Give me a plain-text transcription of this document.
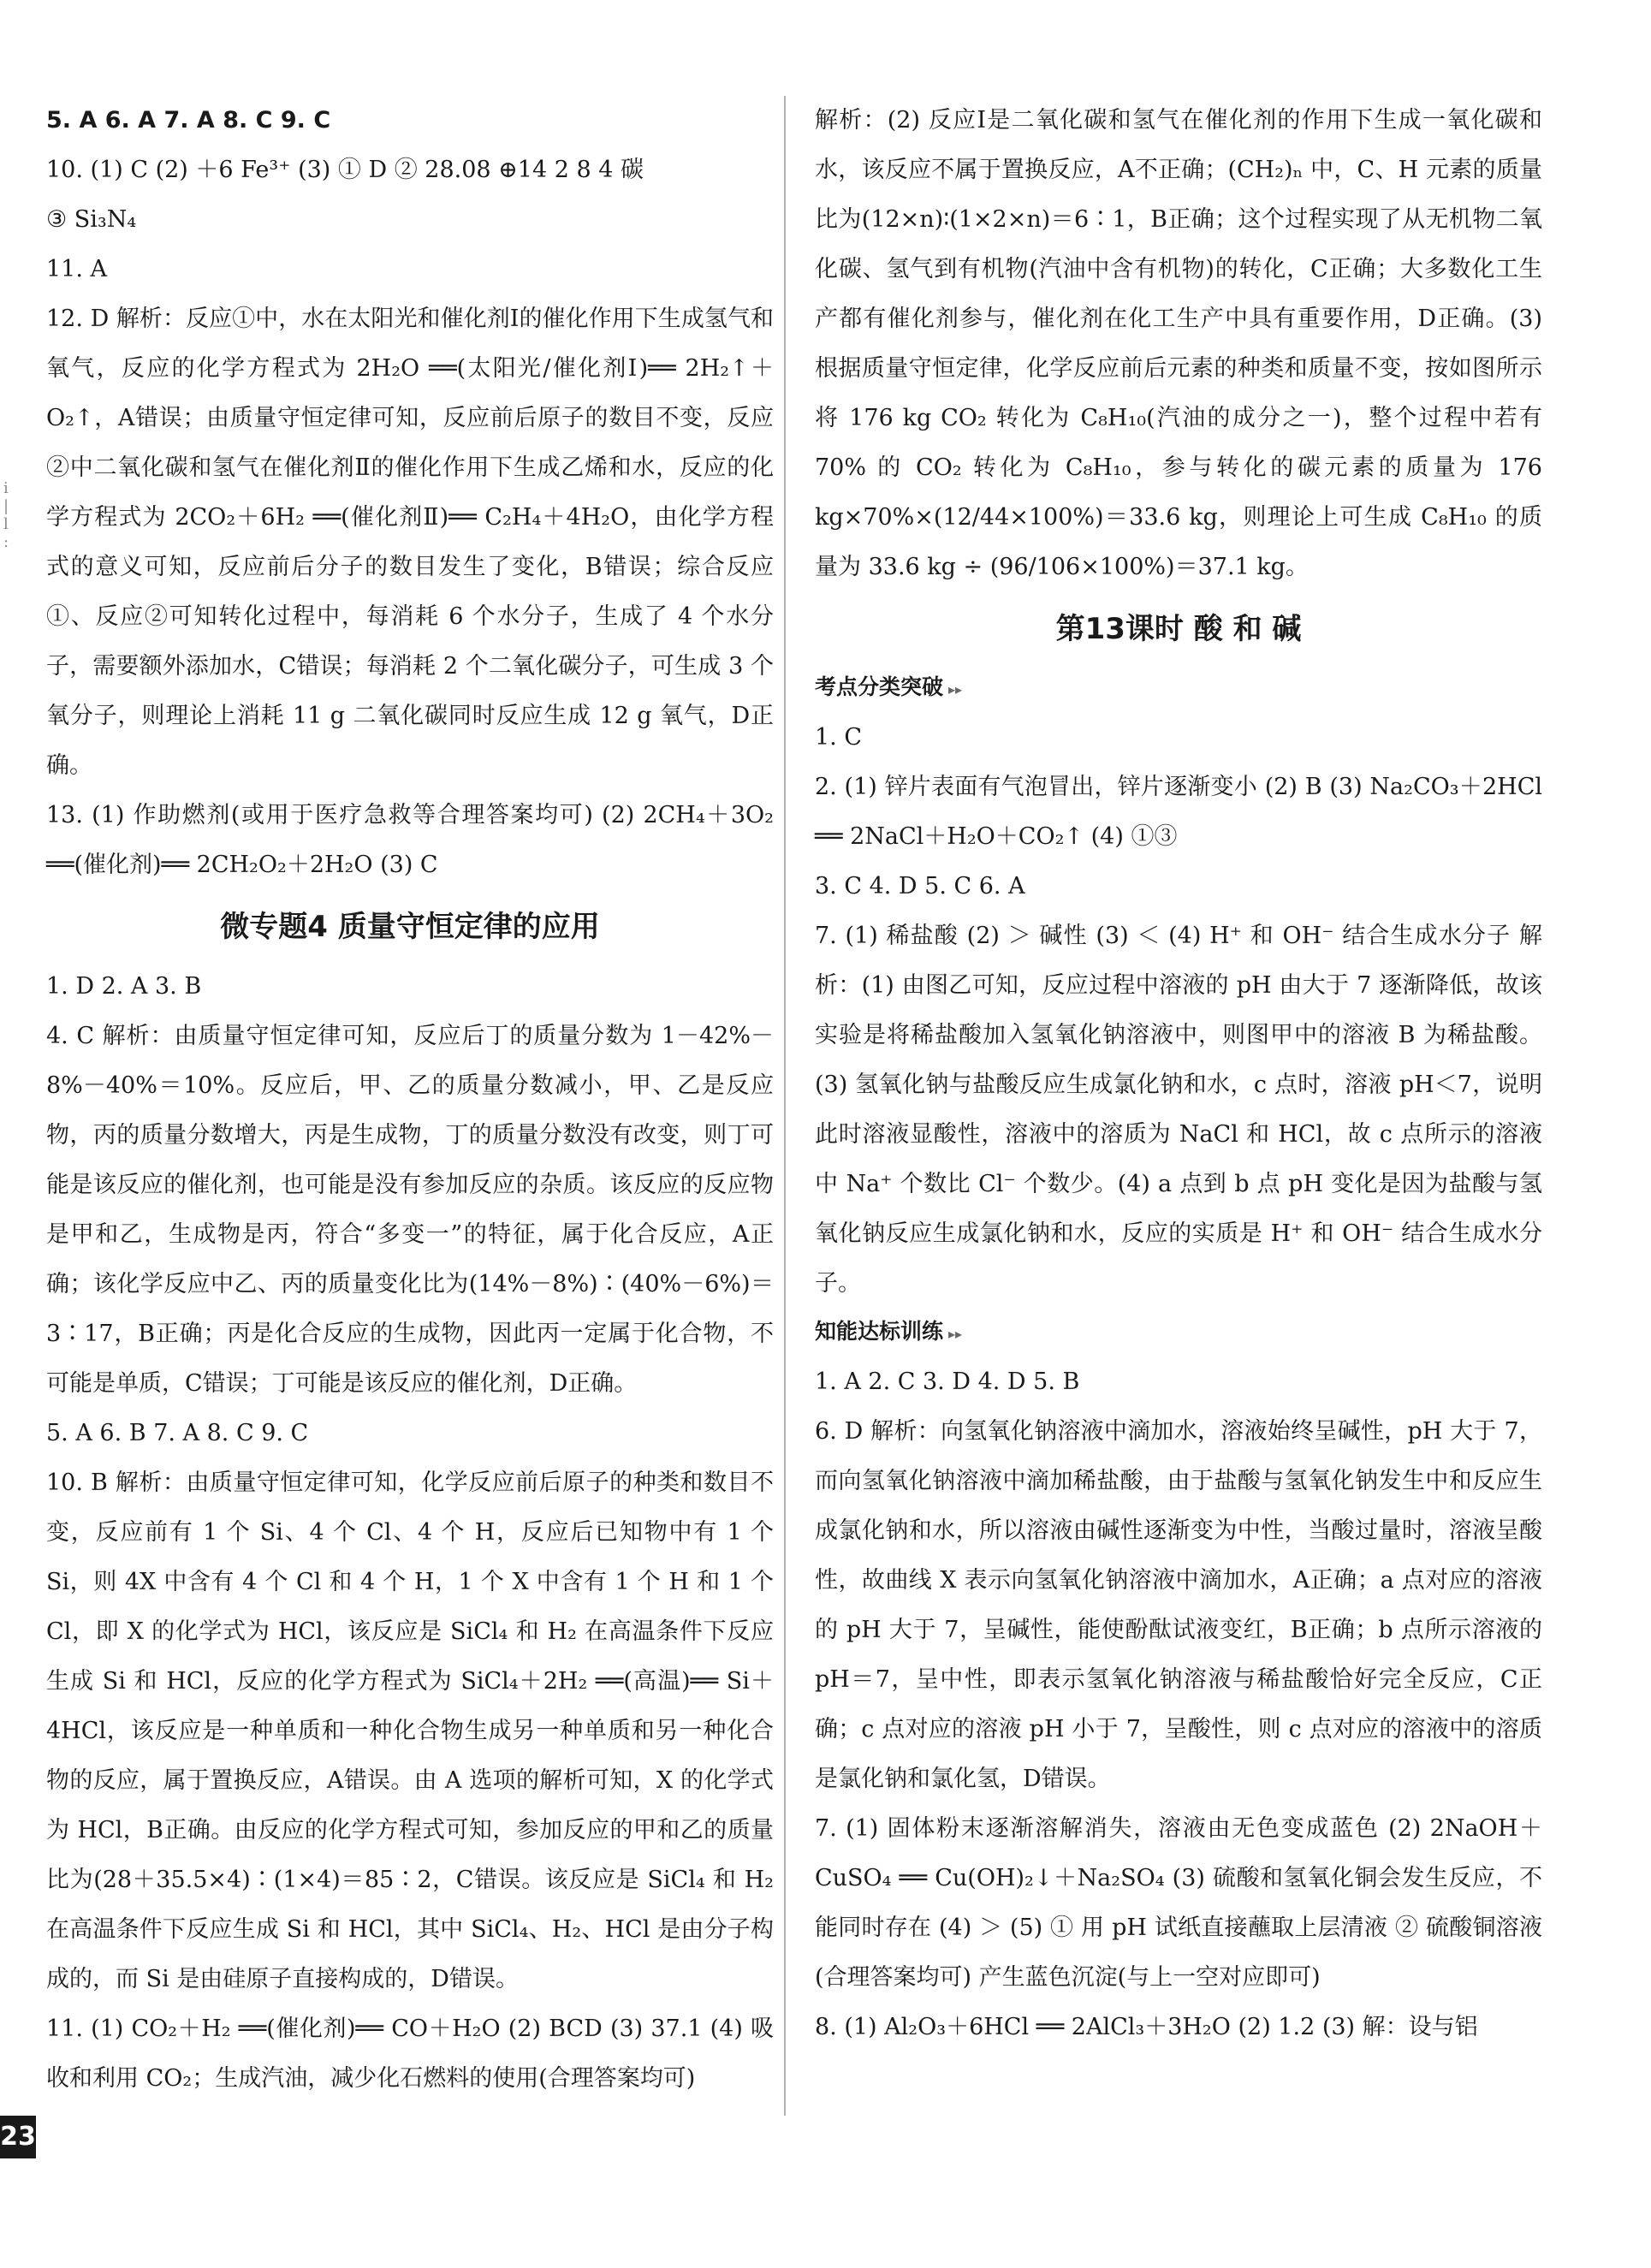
i
|
l
:

5. A 6. A 7. A 8. C 9. C

10. (1) C (2) ＋6 Fe³⁺ (3) ① D ② 28.08 ⊕14 2 8 4 碳

③ Si₃N₄

11. A

12. D 解析：反应①中，水在太阳光和催化剂Ⅰ的催化作用下生成氢气和氧气，反应的化学方程式为 2H₂O ══(太阳光/催化剂Ⅰ)══ 2H₂↑＋O₂↑，A错误；由质量守恒定律可知，反应前后原子的数目不变，反应②中二氧化碳和氢气在催化剂Ⅱ的催化作用下生成乙烯和水，反应的化学方程式为 2CO₂＋6H₂ ══(催化剂Ⅱ)══ C₂H₄＋4H₂O，由化学方程式的意义可知，反应前后分子的数目发生了变化，B错误；综合反应①、反应②可知转化过程中，每消耗 6 个水分子，生成了 4 个水分子，需要额外添加水，C错误；每消耗 2 个二氧化碳分子，可生成 3 个氧分子，则理论上消耗 11 g 二氧化碳同时反应生成 12 g 氧气，D正确。

13. (1) 作助燃剂(或用于医疗急救等合理答案均可) (2) 2CH₄＋3O₂ ══(催化剂)══ 2CH₂O₂＋2H₂O (3) C

微专题4 质量守恒定律的应用

1. D 2. A 3. B

4. C 解析：由质量守恒定律可知，反应后丁的质量分数为 1－42%－8%－40%＝10%。反应后，甲、乙的质量分数减小，甲、乙是反应物，丙的质量分数增大，丙是生成物，丁的质量分数没有改变，则丁可能是该反应的催化剂，也可能是没有参加反应的杂质。该反应的反应物是甲和乙，生成物是丙，符合“多变一”的特征，属于化合反应，A正确；该化学反应中乙、丙的质量变化比为(14%－8%)∶(40%－6%)＝3∶17，B正确；丙是化合反应的生成物，因此丙一定属于化合物，不可能是单质，C错误；丁可能是该反应的催化剂，D正确。

5. A 6. B 7. A 8. C 9. C

10. B 解析：由质量守恒定律可知，化学反应前后原子的种类和数目不变，反应前有 1 个 Si、4 个 Cl、4 个 H，反应后已知物中有 1 个 Si，则 4X 中含有 4 个 Cl 和 4 个 H，1 个 X 中含有 1 个 H 和 1 个 Cl，即 X 的化学式为 HCl，该反应是 SiCl₄ 和 H₂ 在高温条件下反应生成 Si 和 HCl，反应的化学方程式为 SiCl₄＋2H₂ ══(高温)══ Si＋4HCl，该反应是一种单质和一种化合物生成另一种单质和另一种化合物的反应，属于置换反应，A错误。由 A 选项的解析可知，X 的化学式为 HCl，B正确。由反应的化学方程式可知，参加反应的甲和乙的质量比为(28＋35.5×4)∶(1×4)＝85∶2，C错误。该反应是 SiCl₄ 和 H₂ 在高温条件下反应生成 Si 和 HCl，其中 SiCl₄、H₂、HCl 是由分子构成的，而 Si 是由硅原子直接构成的，D错误。

11. (1) CO₂＋H₂ ══(催化剂)══ CO＋H₂O (2) BCD (3) 37.1 (4) 吸收和利用 CO₂；生成汽油，减少化石燃料的使用(合理答案均可)

解析：(2) 反应Ⅰ是二氧化碳和氢气在催化剂的作用下生成一氧化碳和水，该反应不属于置换反应，A不正确；(CH₂)ₙ 中，C、H 元素的质量比为(12×n)∶(1×2×n)＝6∶1，B正确；这个过程实现了从无机物二氧化碳、氢气到有机物(汽油中含有机物)的转化，C正确；大多数化工生产都有催化剂参与，催化剂在化工生产中具有重要作用，D正确。(3) 根据质量守恒定律，化学反应前后元素的种类和质量不变，按如图所示将 176 kg CO₂ 转化为 C₈H₁₀(汽油的成分之一)，整个过程中若有 70% 的 CO₂ 转化为 C₈H₁₀，参与转化的碳元素的质量为 176 kg×70%×(12/44×100%)＝33.6 kg，则理论上可生成 C₈H₁₀ 的质量为 33.6 kg ÷ (96/106×100%)＝37.1 kg。

第13课时 酸 和 碱

考点分类突破 ▸▸

1. C

2. (1) 锌片表面有气泡冒出，锌片逐渐变小 (2) B (3) Na₂CO₃＋2HCl ══ 2NaCl＋H₂O＋CO₂↑ (4) ①③

3. C 4. D 5. C 6. A

7. (1) 稀盐酸 (2) ＞ 碱性 (3) ＜ (4) H⁺ 和 OH⁻ 结合生成水分子 解析：(1) 由图乙可知，反应过程中溶液的 pH 由大于 7 逐渐降低，故该实验是将稀盐酸加入氢氧化钠溶液中，则图甲中的溶液 B 为稀盐酸。(3) 氢氧化钠与盐酸反应生成氯化钠和水，c 点时，溶液 pH＜7，说明此时溶液显酸性，溶液中的溶质为 NaCl 和 HCl，故 c 点所示的溶液中 Na⁺ 个数比 Cl⁻ 个数少。(4) a 点到 b 点 pH 变化是因为盐酸与氢氧化钠反应生成氯化钠和水，反应的实质是 H⁺ 和 OH⁻ 结合生成水分子。

知能达标训练 ▸▸

1. A 2. C 3. D 4. D 5. B

6. D 解析：向氢氧化钠溶液中滴加水，溶液始终呈碱性，pH 大于 7，而向氢氧化钠溶液中滴加稀盐酸，由于盐酸与氢氧化钠发生中和反应生成氯化钠和水，所以溶液由碱性逐渐变为中性，当酸过量时，溶液呈酸性，故曲线 X 表示向氢氧化钠溶液中滴加水，A正确；a 点对应的溶液的 pH 大于 7，呈碱性，能使酚酞试液变红，B正确；b 点所示溶液的 pH＝7，呈中性，即表示氢氧化钠溶液与稀盐酸恰好完全反应，C正确；c 点对应的溶液 pH 小于 7，呈酸性，则 c 点对应的溶液中的溶质是氯化钠和氯化氢，D错误。

7. (1) 固体粉末逐渐溶解消失，溶液由无色变成蓝色 (2) 2NaOH＋CuSO₄ ══ Cu(OH)₂↓＋Na₂SO₄ (3) 硫酸和氢氧化铜会发生反应，不能同时存在 (4) ＞ (5) ① 用 pH 试纸直接蘸取上层清液 ② 硫酸铜溶液(合理答案均可) 产生蓝色沉淀(与上一空对应即可)

8. (1) Al₂O₃＋6HCl ══ 2AlCl₃＋3H₂O (2) 1.2 (3) 解：设与铝

23
